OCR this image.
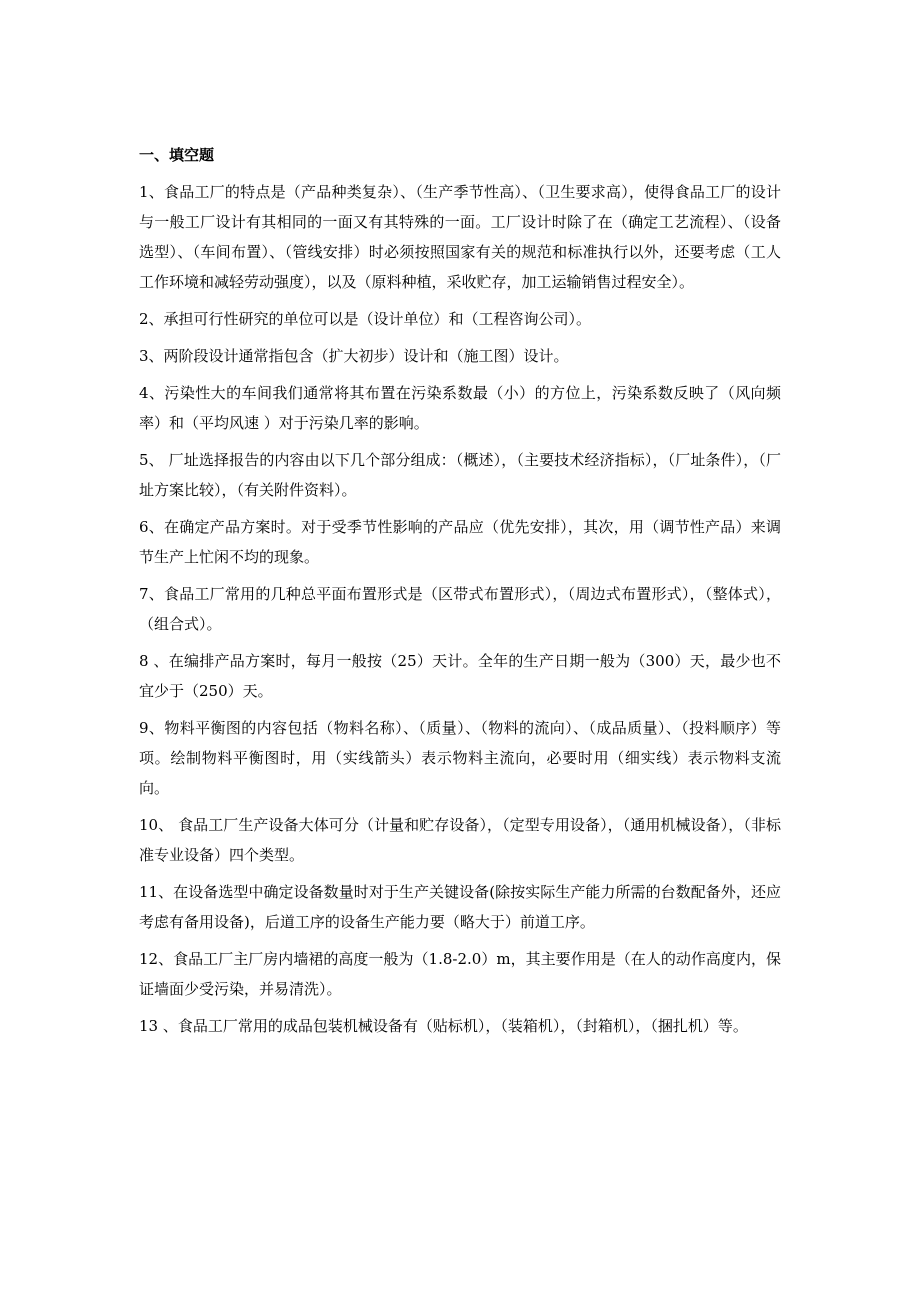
一、填空题

1、食品工厂的特点是（产品种类复杂）、（生产季节性高）、（卫生要求高），使得食品工厂的设计与一般工厂设计有其相同的一面又有其特殊的一面。工厂设计时除了在（确定工艺流程）、（设备选型）、（车间布置）、（管线安排）时必须按照国家有关的规范和标准执行以外，还要考虑（工人工作环境和减轻劳动强度），以及（原料种植，采收贮存，加工运输销售过程安全）。

2、承担可行性研究的单位可以是（设计单位）和（工程咨询公司）。

3、两阶段设计通常指包含（扩大初步）设计和（施工图）设计。

4、污染性大的车间我们通常将其布置在污染系数最（小）的方位上，污染系数反映了（风向频率）和（平均风速 ）对于污染几率的影响。

5、 厂址选择报告的内容由以下几个部分组成：（概述），（主要技术经济指标），（厂址条件），（厂址方案比较），（有关附件资料）。

6、在确定产品方案时。对于受季节性影响的产品应（优先安排），其次，用（调节性产品）来调节生产上忙闲不均的现象。

7、食品工厂常用的几种总平面布置形式是（区带式布置形式），（周边式布置形式），（整体式），（组合式）。

8 、在编排产品方案时，每月一般按（25）天计。全年的生产日期一般为（300）天，最少也不宜少于（250）天。

9、物料平衡图的内容包括（物料名称）、（质量）、（物料的流向）、（成品质量）、（投料顺序）等项。绘制物料平衡图时，用（实线箭头）表示物料主流向，必要时用（细实线）表示物料支流向。

10、 食品工厂生产设备大体可分（计量和贮存设备），（定型专用设备），（通用机械设备），（非标准专业设备）四个类型。

11、在设备选型中确定设备数量时对于生产关键设备(除按实际生产能力所需的台数配备外，还应考虑有备用设备)，后道工序的设备生产能力要（略大于）前道工序。

12、食品工厂主厂房内墙裙的高度一般为（1.8-2.0）m，其主要作用是（在人的动作高度内，保证墙面少受污染，并易清洗）。

13 、食品工厂常用的成品包装机械设备有（贴标机），（装箱机），（封箱机），（捆扎机）等。
